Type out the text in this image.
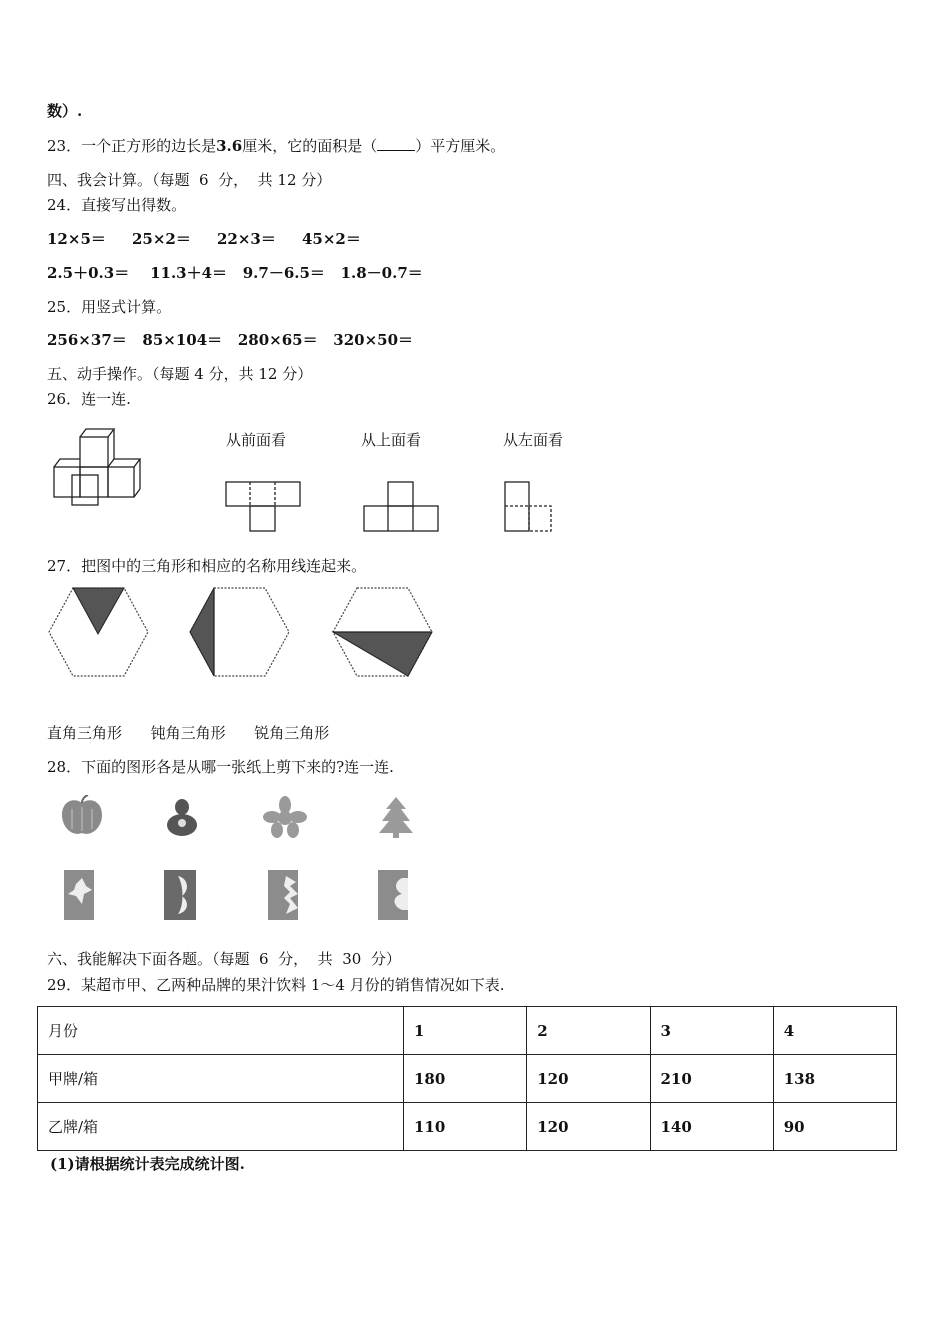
数）.
23．一个正方形的边长是3.6厘米，它的面积是（	）平方厘米。
四、我会计算。（每题  6  分，  共 12 分）
24．直接写出得数。
12×5＝     25×2＝     22×3＝     45×2＝
2.5＋0.3＝    11.3＋4＝   9.7－6.5＝   1.8－0.7＝
25．用竖式计算。
256×37＝   85×104＝   280×65＝   320×50＝
五、动手操作。（每题 4 分，共 12 分）
26．连一连.
从前面看	从上面看	从左面看
27．把图中的三角形和相应的名称用线连起来。
直角三角形      钝角三角形      锐角三角形
28．下面的图形各是从哪一张纸上剪下来的?连一连.
六、我能解决下面各题。（每题  6  分，  共  30  分）
29．某超市甲、乙两种品牌的果汁饮料 1～4 月份的销售情况如下表.
月份	1	2	3	4
甲牌/箱	180	120	210	138
乙牌/箱	110	120	140	90
(1)请根据统计表完成统计图.
